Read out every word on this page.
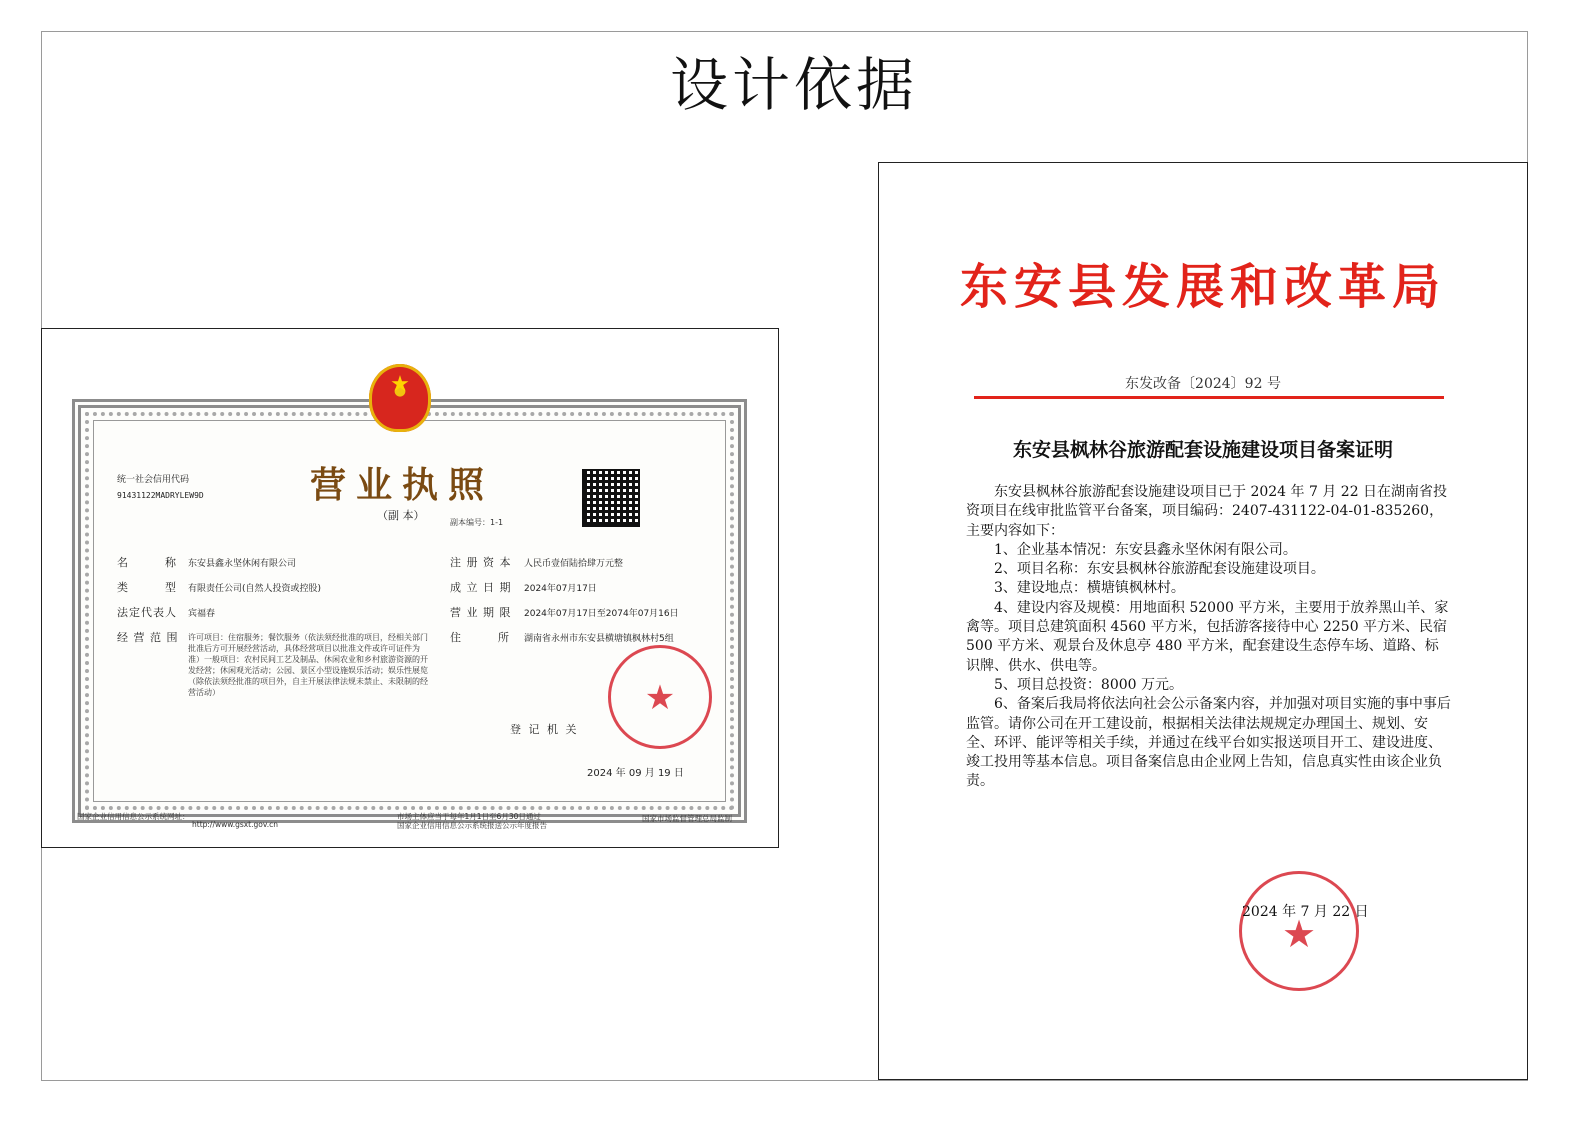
设计依据
★
统一社会信用代码
91431122MADRYLEW9D	营业执照
（副 本）
副本编号：1-1
名　　　称 东安县鑫永坚休闲有限公司
类　　　型 有限责任公司(自然人投资或控股)
法定代表人 宾福春
经 营 范 围 许可项目：住宿服务；餐饮服务（依法须经批准的项目，经相关部门批准后方可开展经营活动，具体经营项目以批准文件或许可证件为准）一般项目：农村民间工艺及制品、休闲农业和乡村旅游资源的开发经营；休闲观光活动；公园、景区小型设施娱乐活动；娱乐性展览（除依法须经批准的项目外，自主开展法律法规未禁止、未限制的经营活动）
注 册 资 本 人民币壹佰陆拾肆万元整
成 立 日 期 2024年07月17日
营 业 期 限 2024年07月17日至2074年07月16日
住　　　所 湖南省永州市东安县横塘镇枫林村5组
★
登 记 机 关
2024 年 09 月 19 日
国家企业信用信息公示系统网址：
http://www.gsxt.gov.cn
市场主体应当于每年1月1日至6月30日通过
国家企业信用信息公示系统报送公示年度报告
国家市场监督管理总局监制
东安县发展和改革局
东发改备〔2024〕92 号
东安县枫林谷旅游配套设施建设项目备案证明

东安县枫林谷旅游配套设施建设项目已于 2024 年 7 月 22 日在湖南省投资项目在线审批监管平台备案，项目编码：2407-431122-04-01-835260，主要内容如下：

1、企业基本情况：东安县鑫永坚休闲有限公司。

2、项目名称：东安县枫林谷旅游配套设施建设项目。

3、建设地点：横塘镇枫林村。

4、建设内容及规模：用地面积 52000 平方米，主要用于放养黑山羊、家禽等。项目总建筑面积 4560 平方米，包括游客接待中心 2250 平方米、民宿 500 平方米、观景台及休息亭 480 平方米，配套建设生态停车场、道路、标识牌、供水、供电等。

5、项目总投资：8000 万元。

6、备案后我局将依法向社会公示备案内容，并加强对项目实施的事中事后监管。请你公司在开工建设前，根据相关法律法规规定办理国土、规划、安全、环评、能评等相关手续，并通过在线平台如实报送项目开工、建设进度、竣工投用等基本信息。项目备案信息由企业网上告知，信息真实性由该企业负责。

★
2024 年 7 月 22 日
